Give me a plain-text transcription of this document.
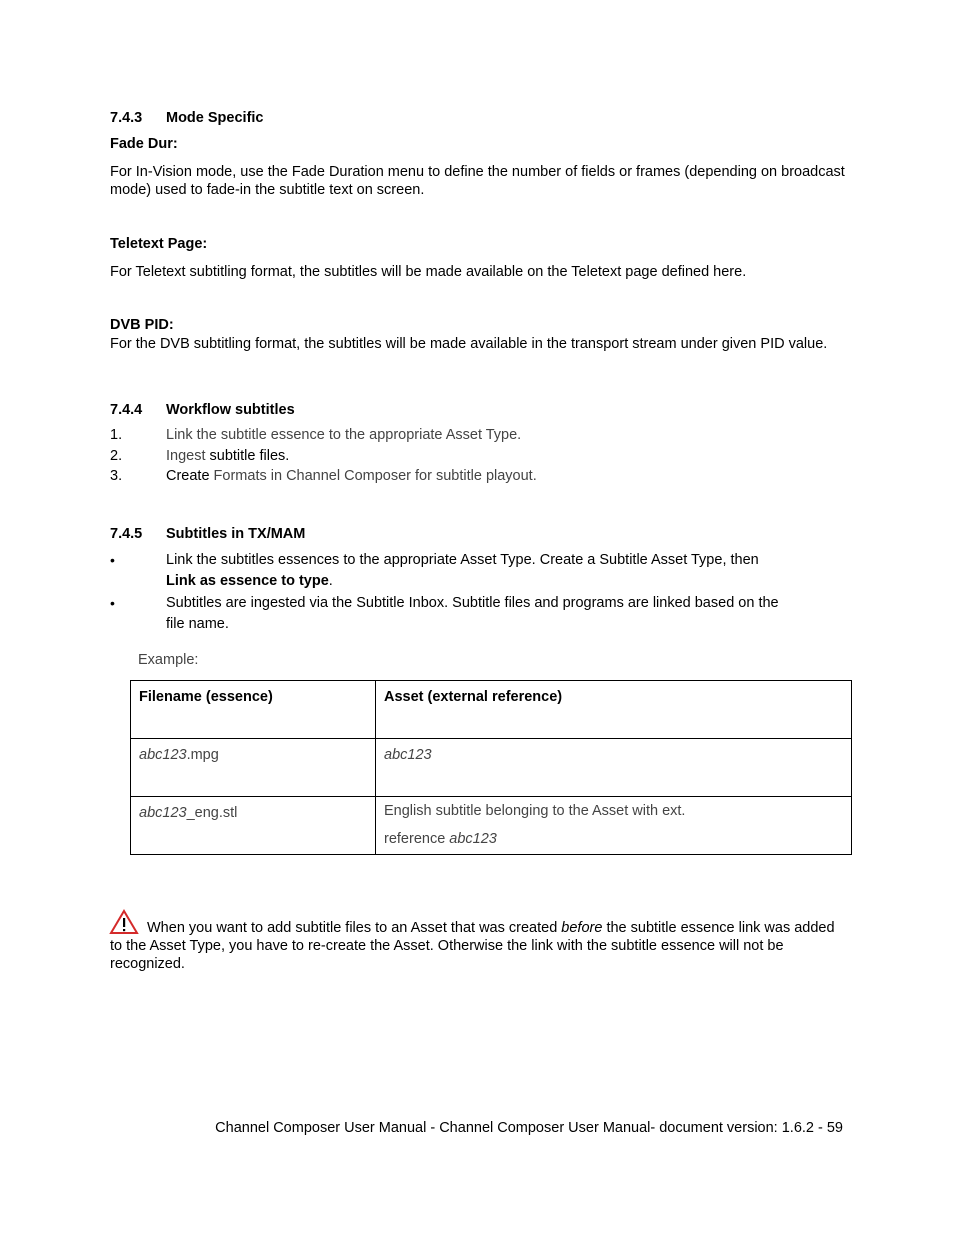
7.4.3 Mode Specific
Fade Dur:
For In-Vision mode, use the Fade Duration menu to define the number of fields or frames (depending on broadcast mode) used to fade-in the subtitle text on screen.
Teletext Page:
For Teletext subtitling format, the subtitles will be made available on the Teletext page defined here.
DVB PID:
For the DVB subtitling format, the subtitles will be made available in the transport stream under given PID value.
7.4.4 Workflow subtitles
1.	Link the subtitle essence to the appropriate Asset Type.
2.	Ingest subtitle files.
3.	Create Formats in Channel Composer for subtitle playout.
7.4.5 Subtitles in TX/MAM
•	Link the subtitles essences to the appropriate Asset Type. Create a Subtitle Asset Type, then
Link as essence to type.
•	Subtitles are ingested via the Subtitle Inbox. Subtitle files and programs are linked based on the
file name.
Example:
Filename (essence)	Asset (external reference)
abc123.mpg	abc123
abc123_eng.stl	English subtitle belonging to the Asset with ext.
reference abc123
When you want to add subtitle files to an Asset that was created before the subtitle essence link was added to the Asset Type, you have to re-create the Asset. Otherwise the link with the subtitle essence will not be recognized.
Channel Composer User Manual - Channel Composer User Manual- document version: 1.6.2 - 59
